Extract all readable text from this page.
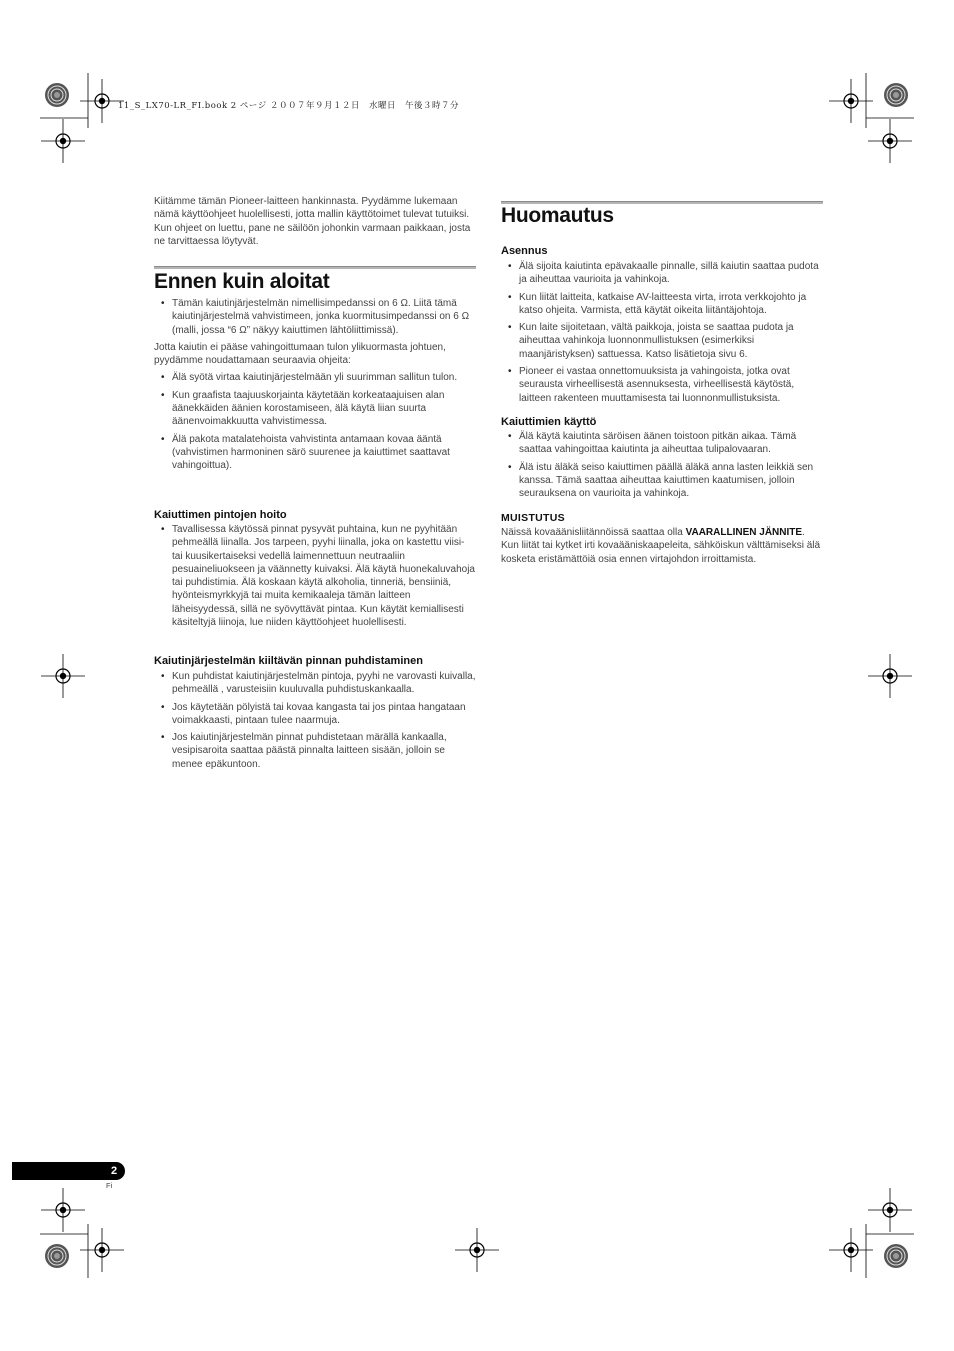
11_S_LX70-LR_FI.book 2 ページ ２００７年９月１２日　水曜日　午後３時７分
Kiitämme tämän Pioneer-laitteen hankinnasta. Pyydämme lukemaan nämä käyttöohjeet huolellisesti, jotta mallin käyttötoimet tulevat tutuiksi. Kun ohjeet on luettu, pane ne säilöön johonkin varmaan paikkaan, josta ne tarvittaessa löytyvät.
Ennen kuin aloitat
• Tämän kaiutinjärjestelmän nimellisimpedanssi on 6 Ω. Liitä tämä kaiutinjärjestelmä vahvistimeen, jonka kuormitusimpedanssi on 6 Ω (malli, jossa “6 Ω” näkyy kaiuttimen lähtöliittimissä).
Jotta kaiutin ei pääse vahingoittumaan tulon ylikuormasta johtuen, pyydämme noudattamaan seuraavia ohjeita:
• Älä syötä virtaa kaiutinjärjestelmään yli suurimman sallitun tulon.
• Kun graafista taajuuskorjainta käytetään korkeataajuisen alan äänekkäiden äänien korostamiseen, älä käytä liian suurta äänenvoimakkuutta vahvistimessa.
• Älä pakota matalatehoista vahvistinta antamaan kovaa ääntä (vahvistimen harmoninen särö suurenee ja kaiuttimet saattavat vahingoittua).
Kaiuttimen pintojen hoito
• Tavallisessa käytössä pinnat pysyvät puhtaina, kun ne pyyhitään pehmeällä liinalla. Jos tarpeen, pyyhi liinalla, joka on kastettu viisi- tai kuusikertaiseksi vedellä laimennettuun neutraaliin pesuaineliuokseen ja väännetty kuivaksi. Älä käytä huonekaluvahoja tai puhdistimia. Älä koskaan käytä alkoholia, tinneriä, bensiiniä, hyönteismyrkkyjä tai muita kemikaaleja tämän laitteen läheisyydessä, sillä ne syövyttävät pintaa. Kun käytät kemiallisesti käsiteltyjä liinoja, lue niiden käyttöohjeet huolellisesti.
Kaiutinjärjestelmän kiiltävän pinnan puhdistaminen
• Kun puhdistat kaiutinjärjestelmän pintoja, pyyhi ne varovasti kuivalla, pehmeällä , varusteisiin kuuluvalla puhdistuskankaalla.
• Jos käytetään pölyistä tai kovaa kangasta tai jos pintaa hangataan voimakkaasti, pintaan tulee naarmuja.
• Jos kaiutinjärjestelmän pinnat puhdistetaan märällä kankaalla, vesipisaroita saattaa päästä pinnalta laitteen sisään, jolloin se menee epäkuntoon.
Huomautus
Asennus
• Älä sijoita kaiutinta epävakaalle pinnalle, sillä kaiutin saattaa pudota ja aiheuttaa vaurioita ja vahinkoja.
• Kun liität laitteita, katkaise AV-laitteesta virta, irrota verkkojohto ja katso ohjeita. Varmista, että käytät oikeita liitäntäjohtoja.
• Kun laite sijoitetaan, vältä paikkoja, joista se saattaa pudota ja aiheuttaa vahinkoja luonnonmullistuksen (esimerkiksi maanjäristyksen) sattuessa. Katso lisätietoja sivu 6.
• Pioneer ei vastaa onnettomuuksista ja vahingoista, jotka ovat seurausta virheellisestä asennuksesta, virheellisestä käytöstä, laitteen rakenteen muuttamisesta tai luonnonmullistuksista.
Kaiuttimien käyttö
• Älä käytä kaiutinta säröisen äänen toistoon pitkän aikaa. Tämä saattaa vahingoittaa kaiutinta ja aiheuttaa tulipalovaaran.
• Älä istu äläkä seiso kaiuttimen päällä äläkä anna lasten leikkiä sen kanssa. Tämä saattaa aiheuttaa kaiuttimen kaatumisen, jolloin seurauksena on vaurioita ja vahinkoja.
MUISTUTUS
Näissä kovaäänisliitännöissä saattaa olla VAARALLINEN JÄNNITE. Kun liität tai kytket irti kovaääniskaapeleita, sähköiskun välttämiseksi älä kosketa eristämättöiä osia ennen virtajohdon irroittamista.
2
Fi
